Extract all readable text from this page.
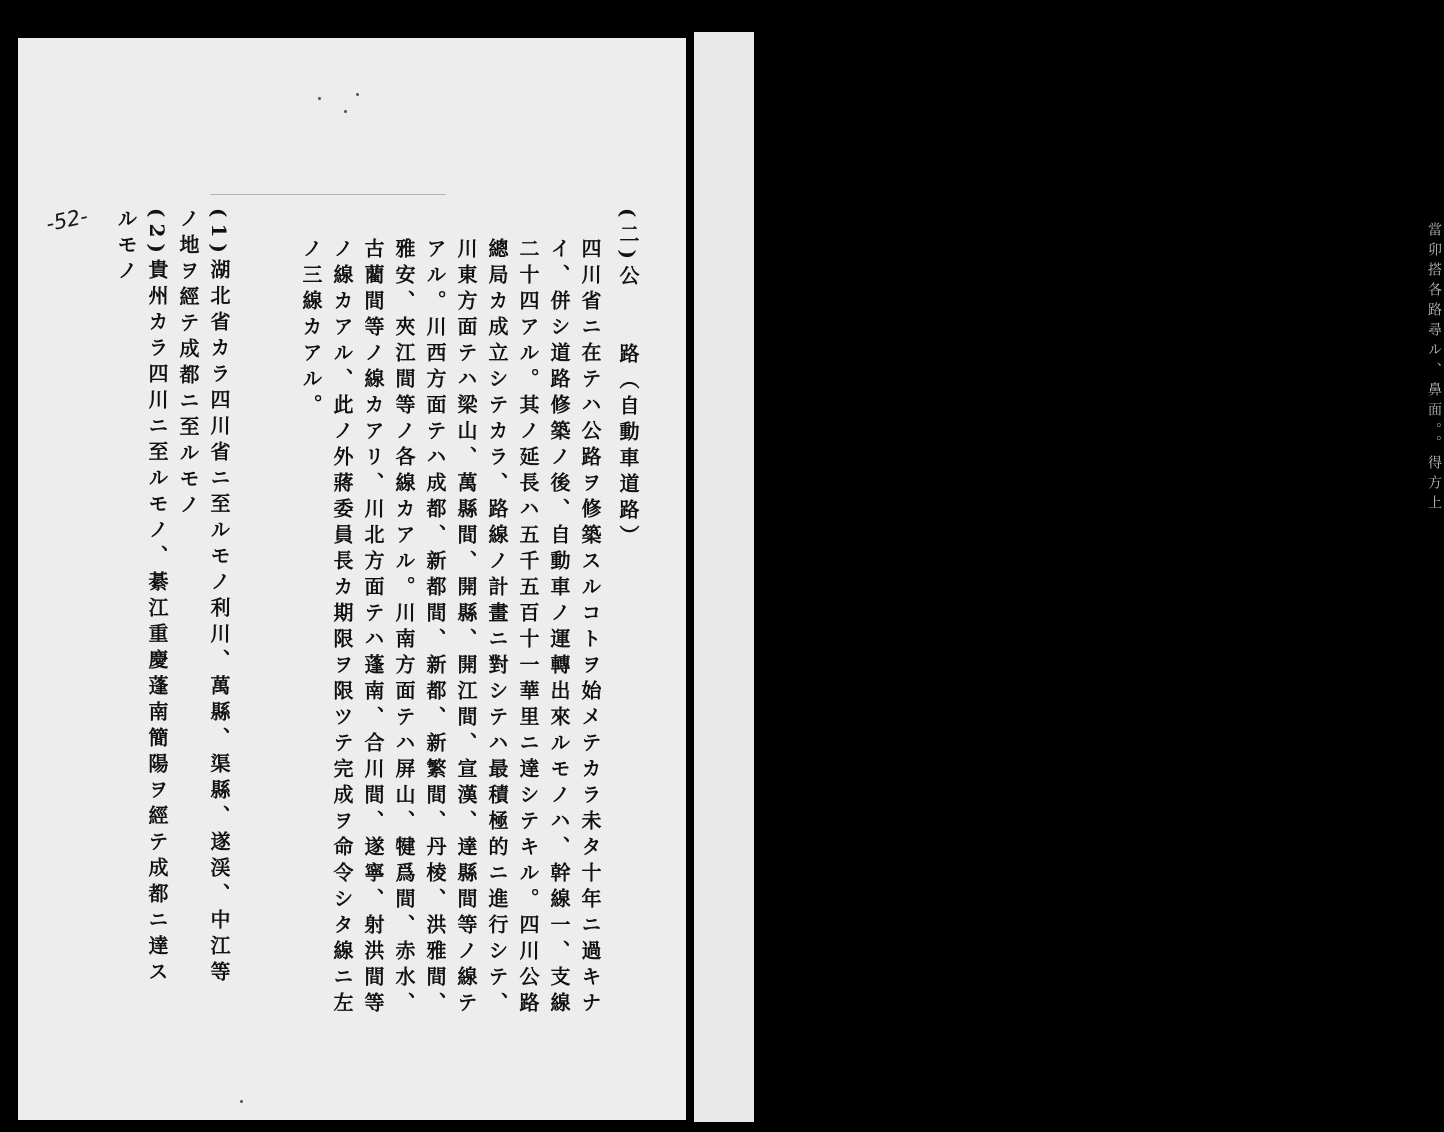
當卯搭各路尋ル、鼻面。。得方上
(二)公　　路（自動車道路）
四川省ニ在テハ公路ヲ修築スルコトヲ始メテカラ未タ十年ニ過キナイ、併シ道路修築ノ後、自動車ノ運轉出來ルモノハ、幹線一、支線二十四アル。其ノ延長ハ五千五百十一華里ニ達シテキル。四川公路總局カ成立シテカラ、路線ノ計畫ニ對シテハ最積極的ニ進行シテ、川東方面テハ梁山、萬縣間、開縣、開江間、宣漢、達縣間等ノ線テアル。川西方面テハ成都、新都間、新都、新繁間、丹棱、洪雅間、雅安、夾江間等ノ各線カアル。川南方面テハ屏山、犍爲間、赤水、古藺間等ノ線カアリ、川北方面テハ蓬南、合川間、遂寧、射洪間等ノ線カアル、此ノ外蔣委員長カ期限ヲ限ツテ完成ヲ命令シタ線ニ左ノ三線カアル。
(1)湖北省カラ四川省ニ至ルモノ利川、萬縣、渠縣、遂渓、中江等ノ地ヲ經テ成都ニ至ルモノ
(2)貴州カラ四川ニ至ルモノ、綦江重慶蓬南簡陽ヲ經テ成都ニ達スルモノ
-52-
